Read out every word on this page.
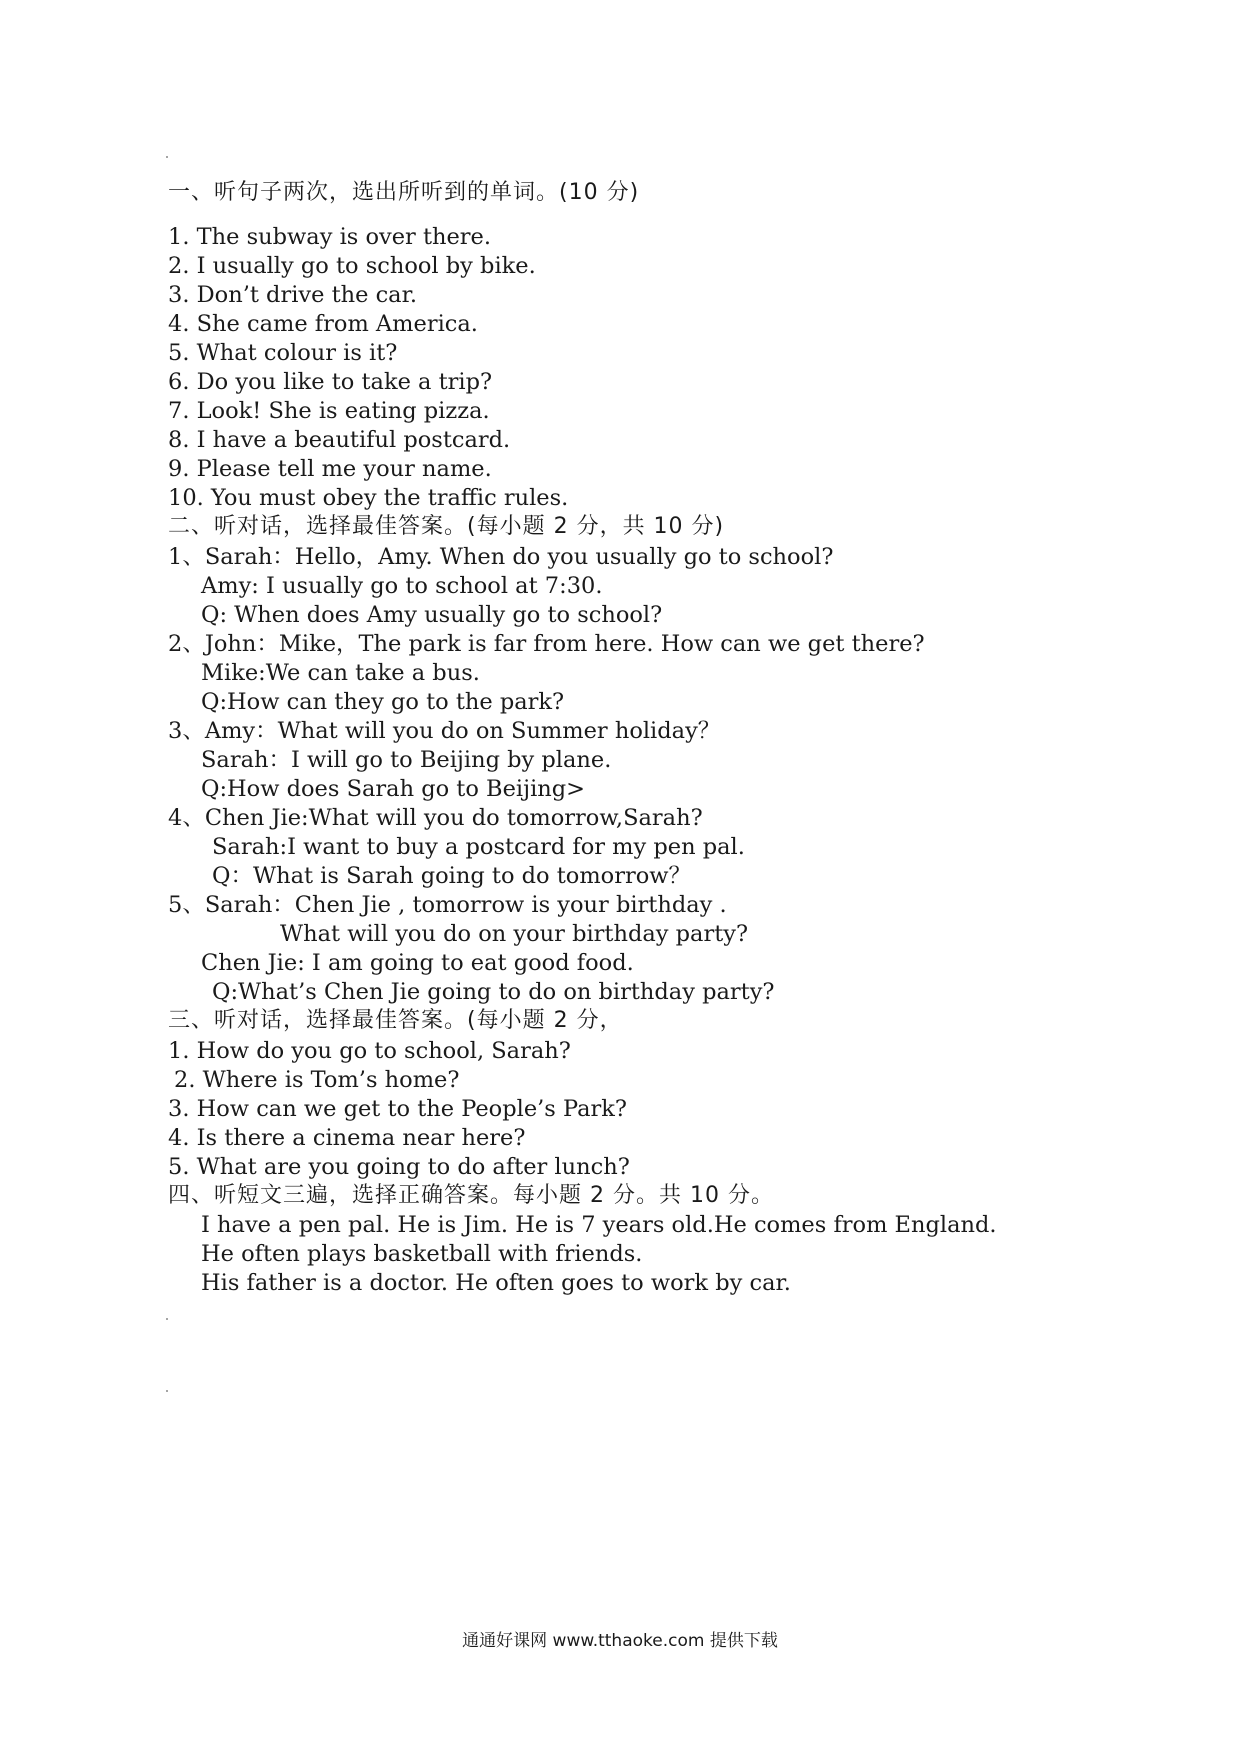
一、听句子两次，选出所听到的单词。(10 分)
1. The subway is over there.
2. I usually go to school by bike.
3. Don’t drive the car.
4. She came from America.
5. What colour is it?
6. Do you like to take a trip?
7. Look! She is eating pizza.
8. I have a beautiful postcard.
9. Please tell me your name.
10. You must obey the traffic rules.
二、听对话，选择最佳答案。(每小题 2 分，共 10 分)
1、Sarah：Hello，Amy. When do you usually go to school?
Amy: I usually go to school at 7:30.
Q: When does Amy usually go to school?
2、John：Mike，The park is far from here. How can we get there?
Mike:We can take a bus.
Q:How can they go to the park?
3、Amy：What will you do on Summer holiday？
Sarah：I will go to Beijing by plane.
Q:How does Sarah go to Beijing>
4、Chen Jie:What will you do tomorrow,Sarah?
Sarah:I want to buy a postcard for my pen pal.
Q：What is Sarah going to do tomorrow？
5、Sarah：Chen Jie , tomorrow is your birthday .
What will you do on your birthday party?
Chen Jie: I am going to eat good food.
Q:What’s Chen Jie going to do on birthday party?
三、听对话，选择最佳答案。(每小题 2 分，
1. How do you go to school, Sarah?
2. Where is Tom’s home?
3. How can we get to the People’s Park?
4. Is there a cinema near here?
5. What are you going to do after lunch?
四、听短文三遍，选择正确答案。每小题 2 分。共 10 分。
I have a pen pal. He is Jim. He is 7 years old.He comes from England.
He often plays basketball with friends.
His father is a doctor. He often goes to work by car.
通通好课网 www.tthaoke.com 提供下载
